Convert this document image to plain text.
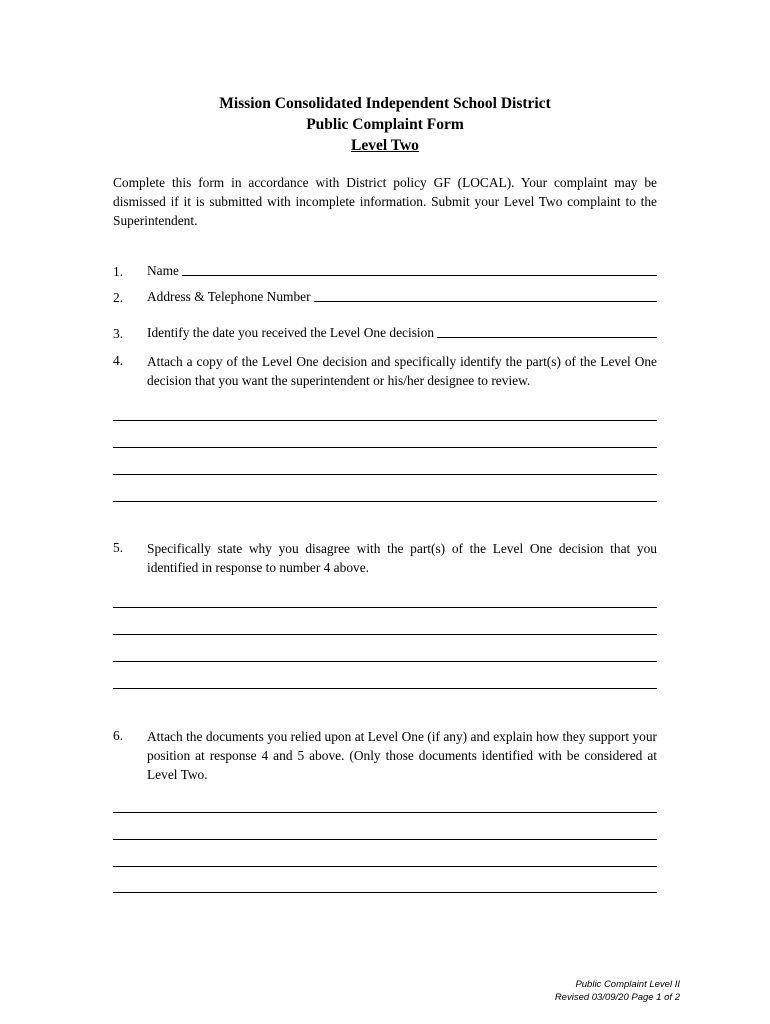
Mission Consolidated Independent School District
Public Complaint Form
Level Two
Complete this form in accordance with District policy GF (LOCAL). Your complaint may be dismissed if it is submitted with incomplete information. Submit your Level Two complaint to the Superintendent.
1. Name
2. Address & Telephone Number
3. Identify the date you received the Level One decision
4. Attach a copy of the Level One decision and specifically identify the part(s) of the Level One decision that you want the superintendent or his/her designee to review.
5. Specifically state why you disagree with the part(s) of the Level One decision that you identified in response to number 4 above.
6. Attach the documents you relied upon at Level One (if any) and explain how they support your position at response 4 and 5 above. (Only those documents identified with be considered at Level Two.
Public Complaint Level II
Revised 03/09/20 Page 1 of 2
